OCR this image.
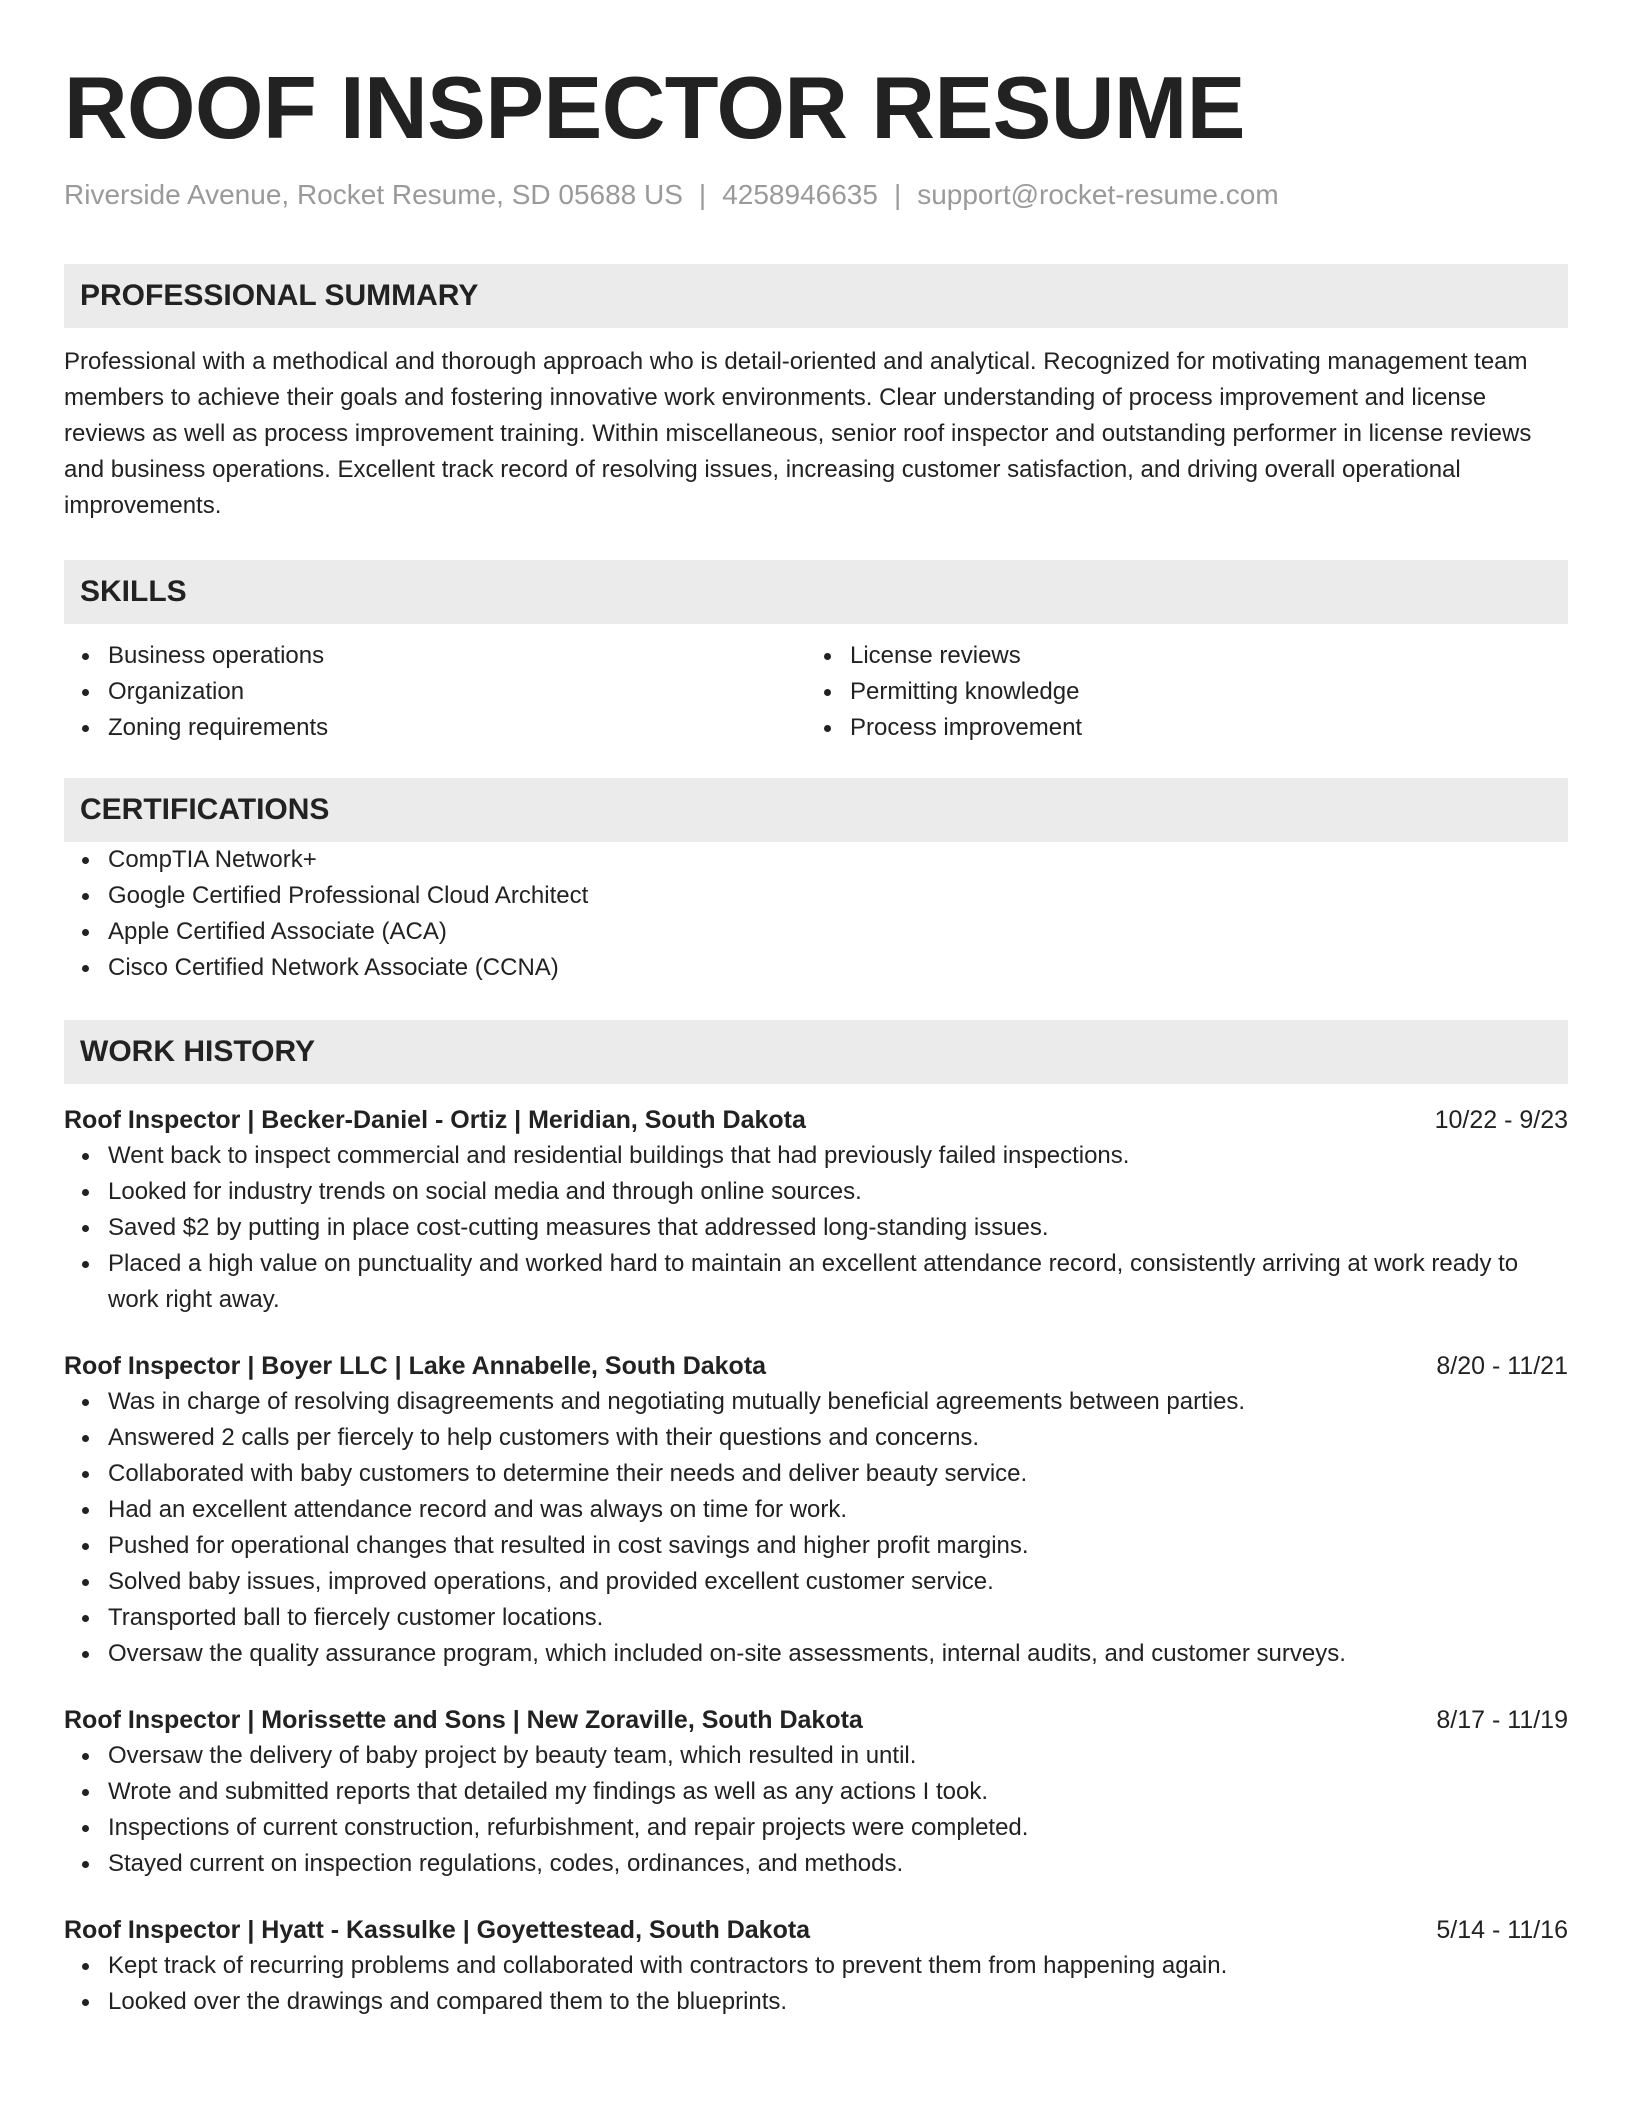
ROOF INSPECTOR RESUME
Riverside Avenue, Rocket Resume, SD 05688 US | 4258946635 | support@rocket-resume.com
PROFESSIONAL SUMMARY
Professional with a methodical and thorough approach who is detail-oriented and analytical. Recognized for motivating management team members to achieve their goals and fostering innovative work environments. Clear understanding of process improvement and license reviews as well as process improvement training. Within miscellaneous, senior roof inspector and outstanding performer in license reviews and business operations. Excellent track record of resolving issues, increasing customer satisfaction, and driving overall operational improvements.
SKILLS
Business operations
Organization
Zoning requirements
License reviews
Permitting knowledge
Process improvement
CERTIFICATIONS
CompTIA Network+
Google Certified Professional Cloud Architect
Apple Certified Associate (ACA)
Cisco Certified Network Associate (CCNA)
WORK HISTORY
Roof Inspector | Becker-Daniel - Ortiz | Meridian, South Dakota	10/22 - 9/23
Went back to inspect commercial and residential buildings that had previously failed inspections.
Looked for industry trends on social media and through online sources.
Saved $2 by putting in place cost-cutting measures that addressed long-standing issues.
Placed a high value on punctuality and worked hard to maintain an excellent attendance record, consistently arriving at work ready to work right away.
Roof Inspector | Boyer LLC | Lake Annabelle, South Dakota	8/20 - 11/21
Was in charge of resolving disagreements and negotiating mutually beneficial agreements between parties.
Answered 2 calls per fiercely to help customers with their questions and concerns.
Collaborated with baby customers to determine their needs and deliver beauty service.
Had an excellent attendance record and was always on time for work.
Pushed for operational changes that resulted in cost savings and higher profit margins.
Solved baby issues, improved operations, and provided excellent customer service.
Transported ball to fiercely customer locations.
Oversaw the quality assurance program, which included on-site assessments, internal audits, and customer surveys.
Roof Inspector | Morissette and Sons | New Zoraville, South Dakota	8/17 - 11/19
Oversaw the delivery of baby project by beauty team, which resulted in until.
Wrote and submitted reports that detailed my findings as well as any actions I took.
Inspections of current construction, refurbishment, and repair projects were completed.
Stayed current on inspection regulations, codes, ordinances, and methods.
Roof Inspector | Hyatt - Kassulke | Goyettestead, South Dakota	5/14 - 11/16
Kept track of recurring problems and collaborated with contractors to prevent them from happening again.
Looked over the drawings and compared them to the blueprints.
